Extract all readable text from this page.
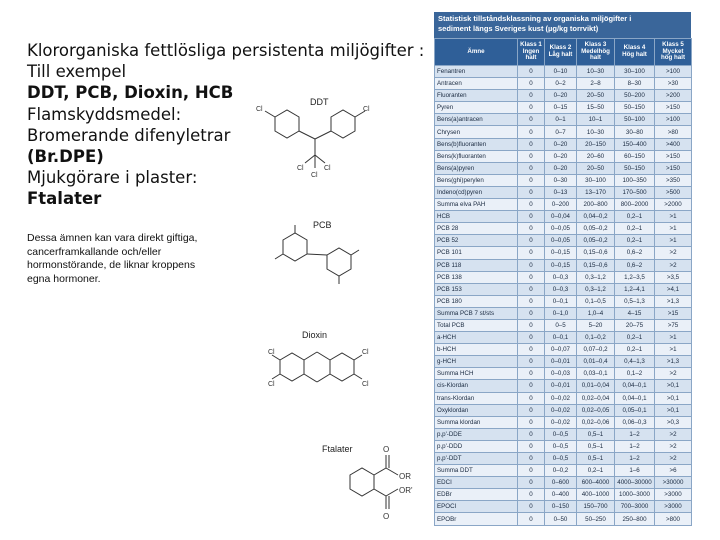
Klororganiska fettlösliga persistenta miljögifter :
Till exempel
DDT, PCB, Dioxin, HCB
Flamskyddsmedel:
Bromerande difenyletrar
(Br.DPE)
Mjukgörare i plaster:
Ftalater
Dessa ämnen kan vara direkt giftiga,
cancerframkallande och/eller
hormonstörande, de liknar kroppens
egna hormoner.
Cl	Cl
Cl	Cl
Cl
DDT
PCB
Cl
Cl
Cl
Cl
Dioxin
O
OR
OR'
O
Ftalater
Statistisk tillståndsklassning av organiska miljögifter i
sediment längs Sveriges kust (µg/kg torrvikt)
Ämne	Klass 1 Ingen halt	Klass 2 Låg halt	Klass 3 Medelhög halt	Klass 4 Hög halt	Klass 5 Mycket hög halt
Fenantren	0	0–10	10–30	30–100	>100
Antracen	0	0–2	2–8	8–30	>30
Fluoranten	0	0–20	20–50	50–200	>200
Pyren	0	0–15	15–50	50–150	>150
Bens(a)antracen	0	0–1	10–1	50–100	>100
Chrysen	0	0–7	10–30	30–80	>80
Bens(b)fluoranten	0	0–20	20–150	150–400	>400
Bens(k)fluoranten	0	0–20	20–60	60–150	>150
Bens(a)pyren	0	0–20	20–50	50–150	>150
Bens(ghi)perylen	0	0–30	30–100	100–350	>350
Indeno(cd)pyren	0	0–13	13–170	170–500	>500
Summa elva PAH	0	0–200	200–800	800–2000	>2000
HCB	0	0–0,04	0,04–0,2	0,2–1	>1
PCB 28	0	0–0,05	0,05–0,2	0,2–1	>1
PCB 52	0	0–0,05	0,05–0,2	0,2–1	>1
PCB 101	0	0–0,15	0,15–0,6	0,6–2	>2
PCB 118	0	0–0,15	0,15–0,6	0,6–2	>2
PCB 138	0	0–0,3	0,3–1,2	1,2–3,5	>3,5
PCB 153	0	0–0,3	0,3–1,2	1,2–4,1	>4,1
PCB 180	0	0–0,1	0,1–0,5	0,5–1,3	>1,3
Summa PCB 7 st/sts	0	0–1,0	1,0–4	4–15	>15
Total PCB	0	0–5	5–20	20–75	>75
a-HCH	0	0–0,1	0,1–0,2	0,2–1	>1
b-HCH	0	0–0,07	0,07–0,2	0,2–1	>1
g-HCH	0	0–0,01	0,01–0,4	0,4–1,3	>1,3
Summa HCH	0	0–0,03	0,03–0,1	0,1–2	>2
cis-Klordan	0	0–0,01	0,01–0,04	0,04–0,1	>0,1
trans-Klordan	0	0–0,02	0,02–0,04	0,04–0,1	>0,1
Oxyklordan	0	0–0,02	0,02–0,05	0,05–0,1	>0,1
Summa klordan	0	0–0,02	0,02–0,06	0,06–0,3	>0,3
p,p'-DDE	0	0–0,5	0,5–1	1–2	>2
p,p'-DDD	0	0–0,5	0,5–1	1–2	>2
p,p'-DDT	0	0–0,5	0,5–1	1–2	>2
Summa DDT	0	0–0,2	0,2–1	1–6	>6
EDCI	0	0–600	600–4000	4000–30000	>30000
EDBr	0	0–400	400–1000	1000–3000	>3000
EPOCI	0	0–150	150–700	700–3000	>3000
EPOBr	0	0–50	50–250	250–800	>800
